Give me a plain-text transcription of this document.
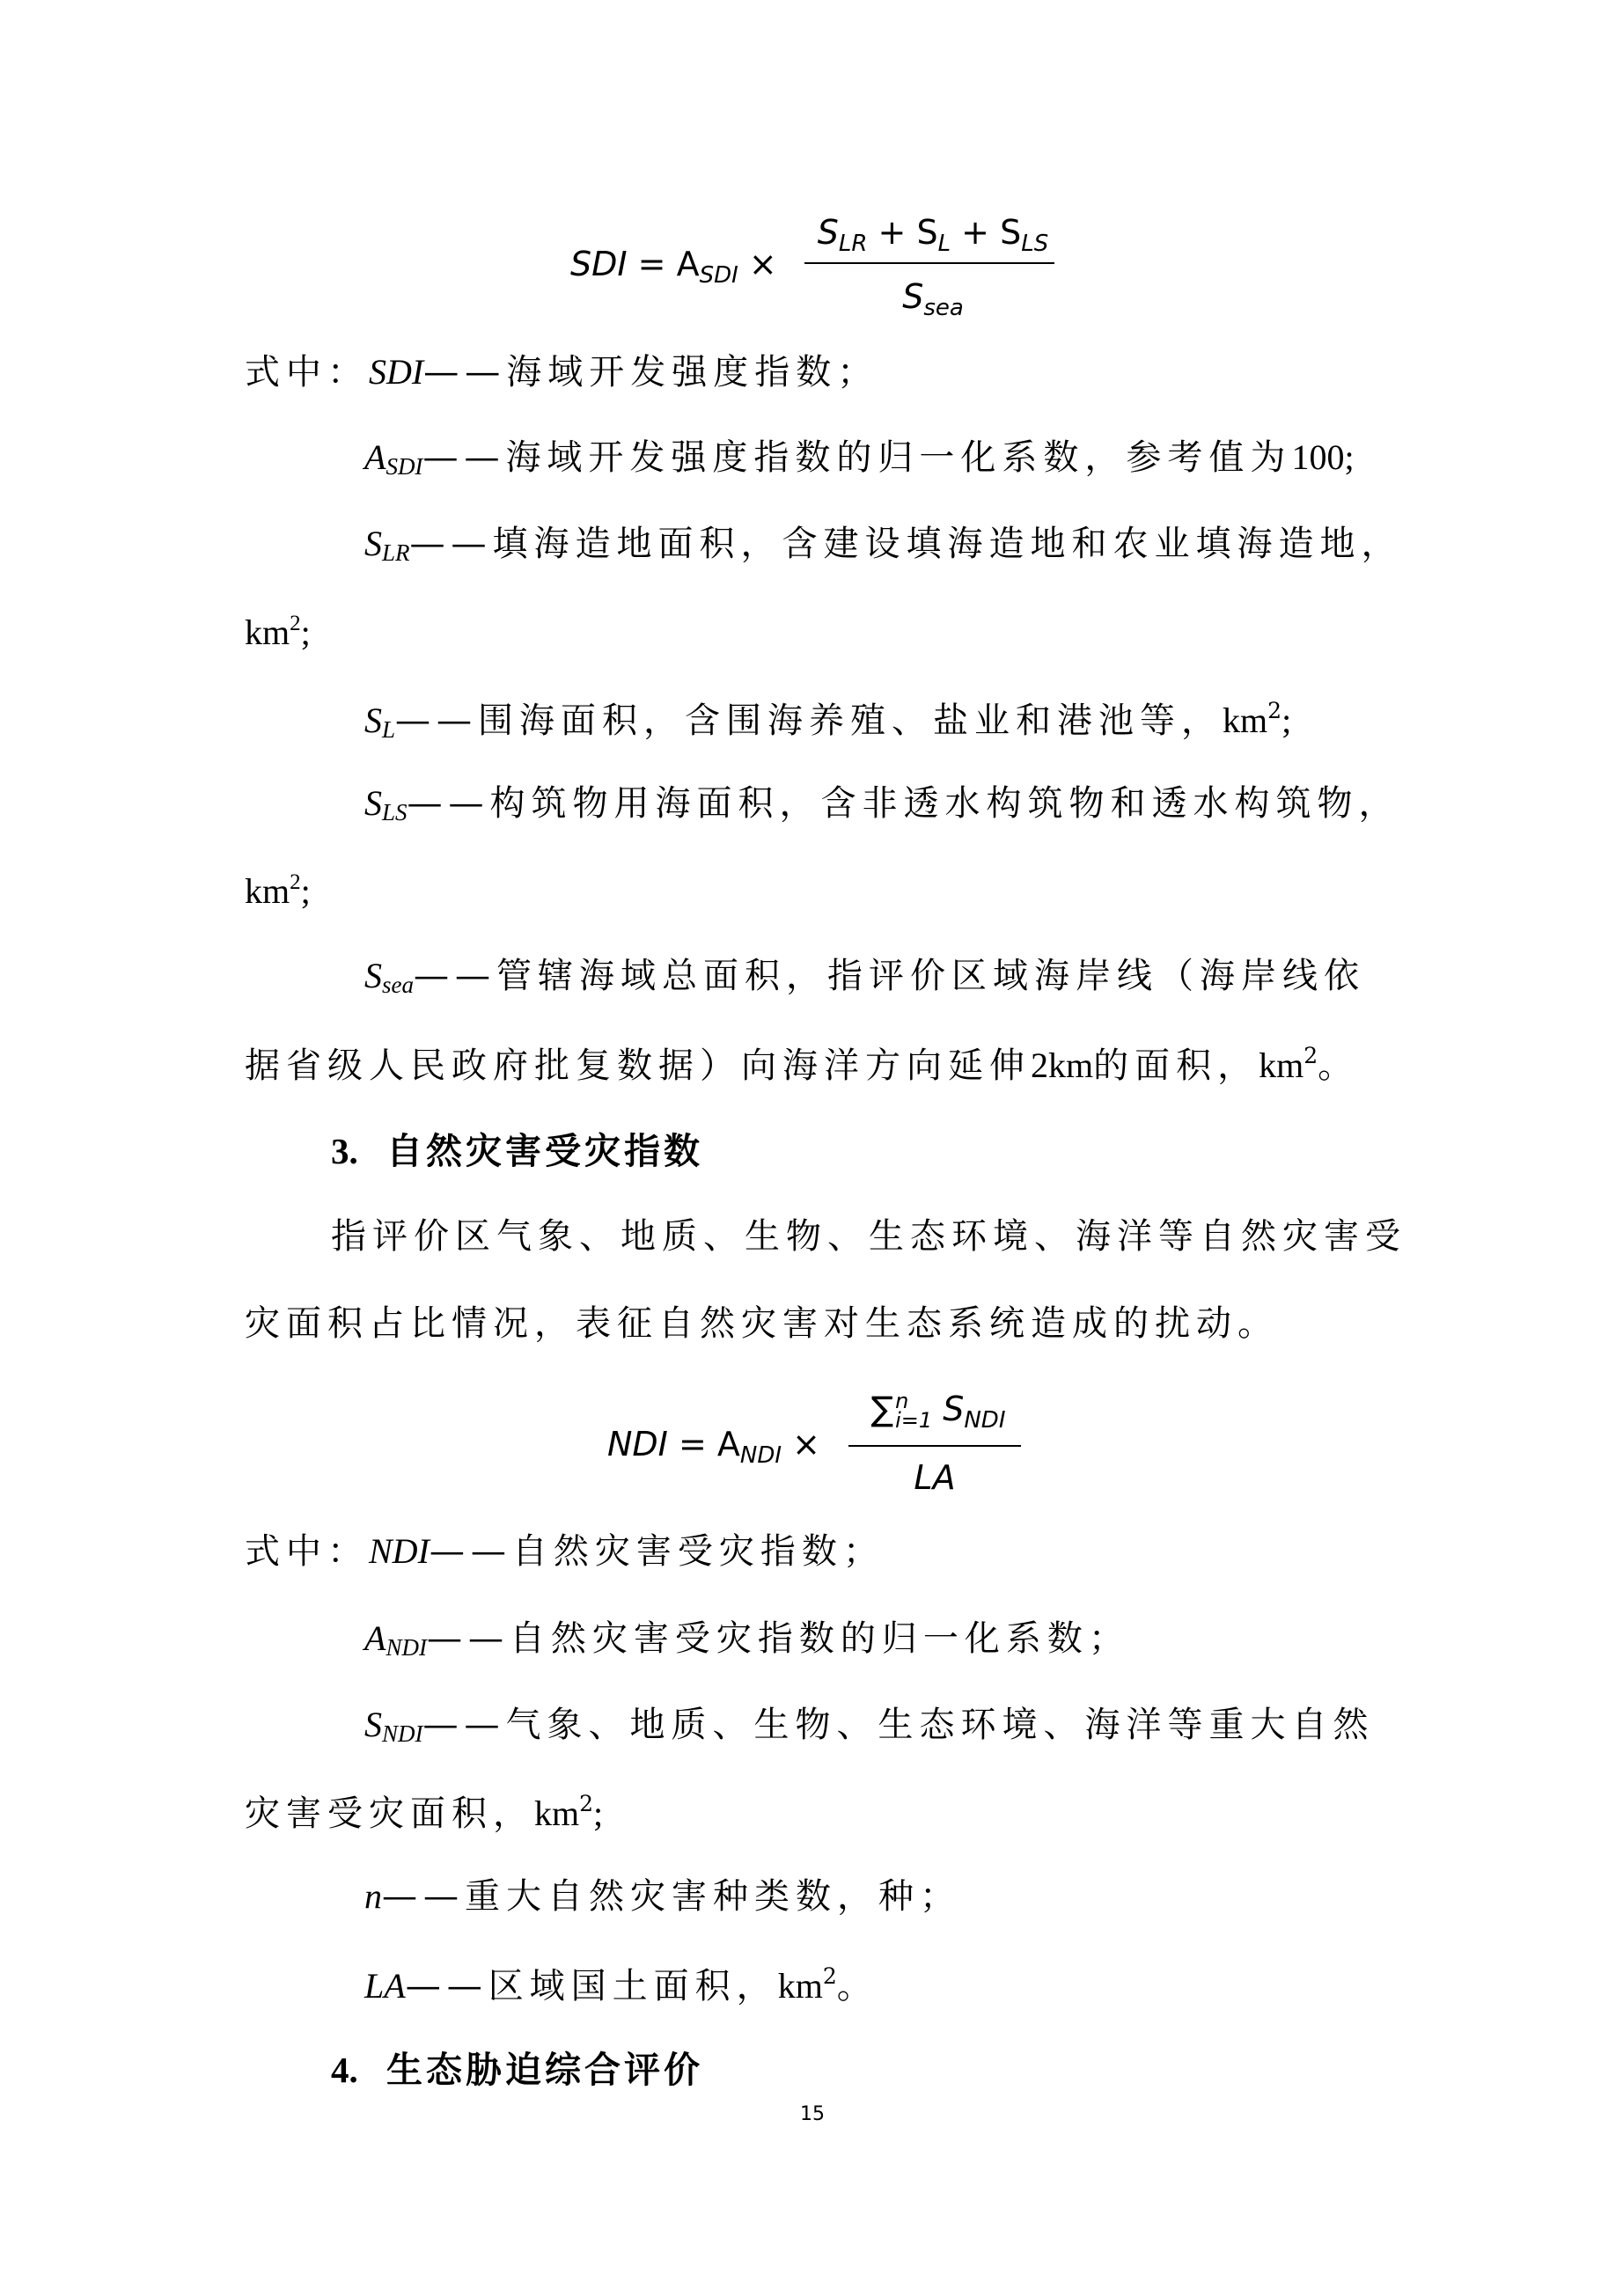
SDI = $A_{SDI}$ ×
$S_{LR} + S_L + S_{LS}$
$S_{sea}$
式中：SDI——海域开发强度指数；
$A_{SDI}——$海域开发强度指数的归一化系数，参考值为100;
$S_{LR}——$填海造地面积，含建设填海造地和农业填海造地，
$km^2$;
$S_L——$围海面积，含围海养殖、盐业和港池等，$km^2$;
$S_{LS}——$构筑物用海面积，含非透水构筑物和透水构筑物，
$km^2$;
$S_{sea}——$管辖海域总面积，指评价区域海岸线（海岸线依
据省级人民政府批复数据）向海洋方向延伸2km的面积，$km^2$。
3. 自然灾害受灾指数
指评价区气象、地质、生物、生态环境、海洋等自然灾害受
灾面积占比情况，表征自然灾害对生态系统造成的扰动。
NDI = $A_{NDI}$ ×
∑ n
i=1 $S_{NDI}$
LA
式中：NDI——自然灾害受灾指数；
$A_{NDI}——$自然灾害受灾指数的归一化系数；
$S_{NDI}——$气象、地质、生物、生态环境、海洋等重大自然
灾害受灾面积，$km^2$;
n——重大自然灾害种类数，种；
LA——区域国土面积，$km^2$。
4. 生态胁迫综合评价
15
